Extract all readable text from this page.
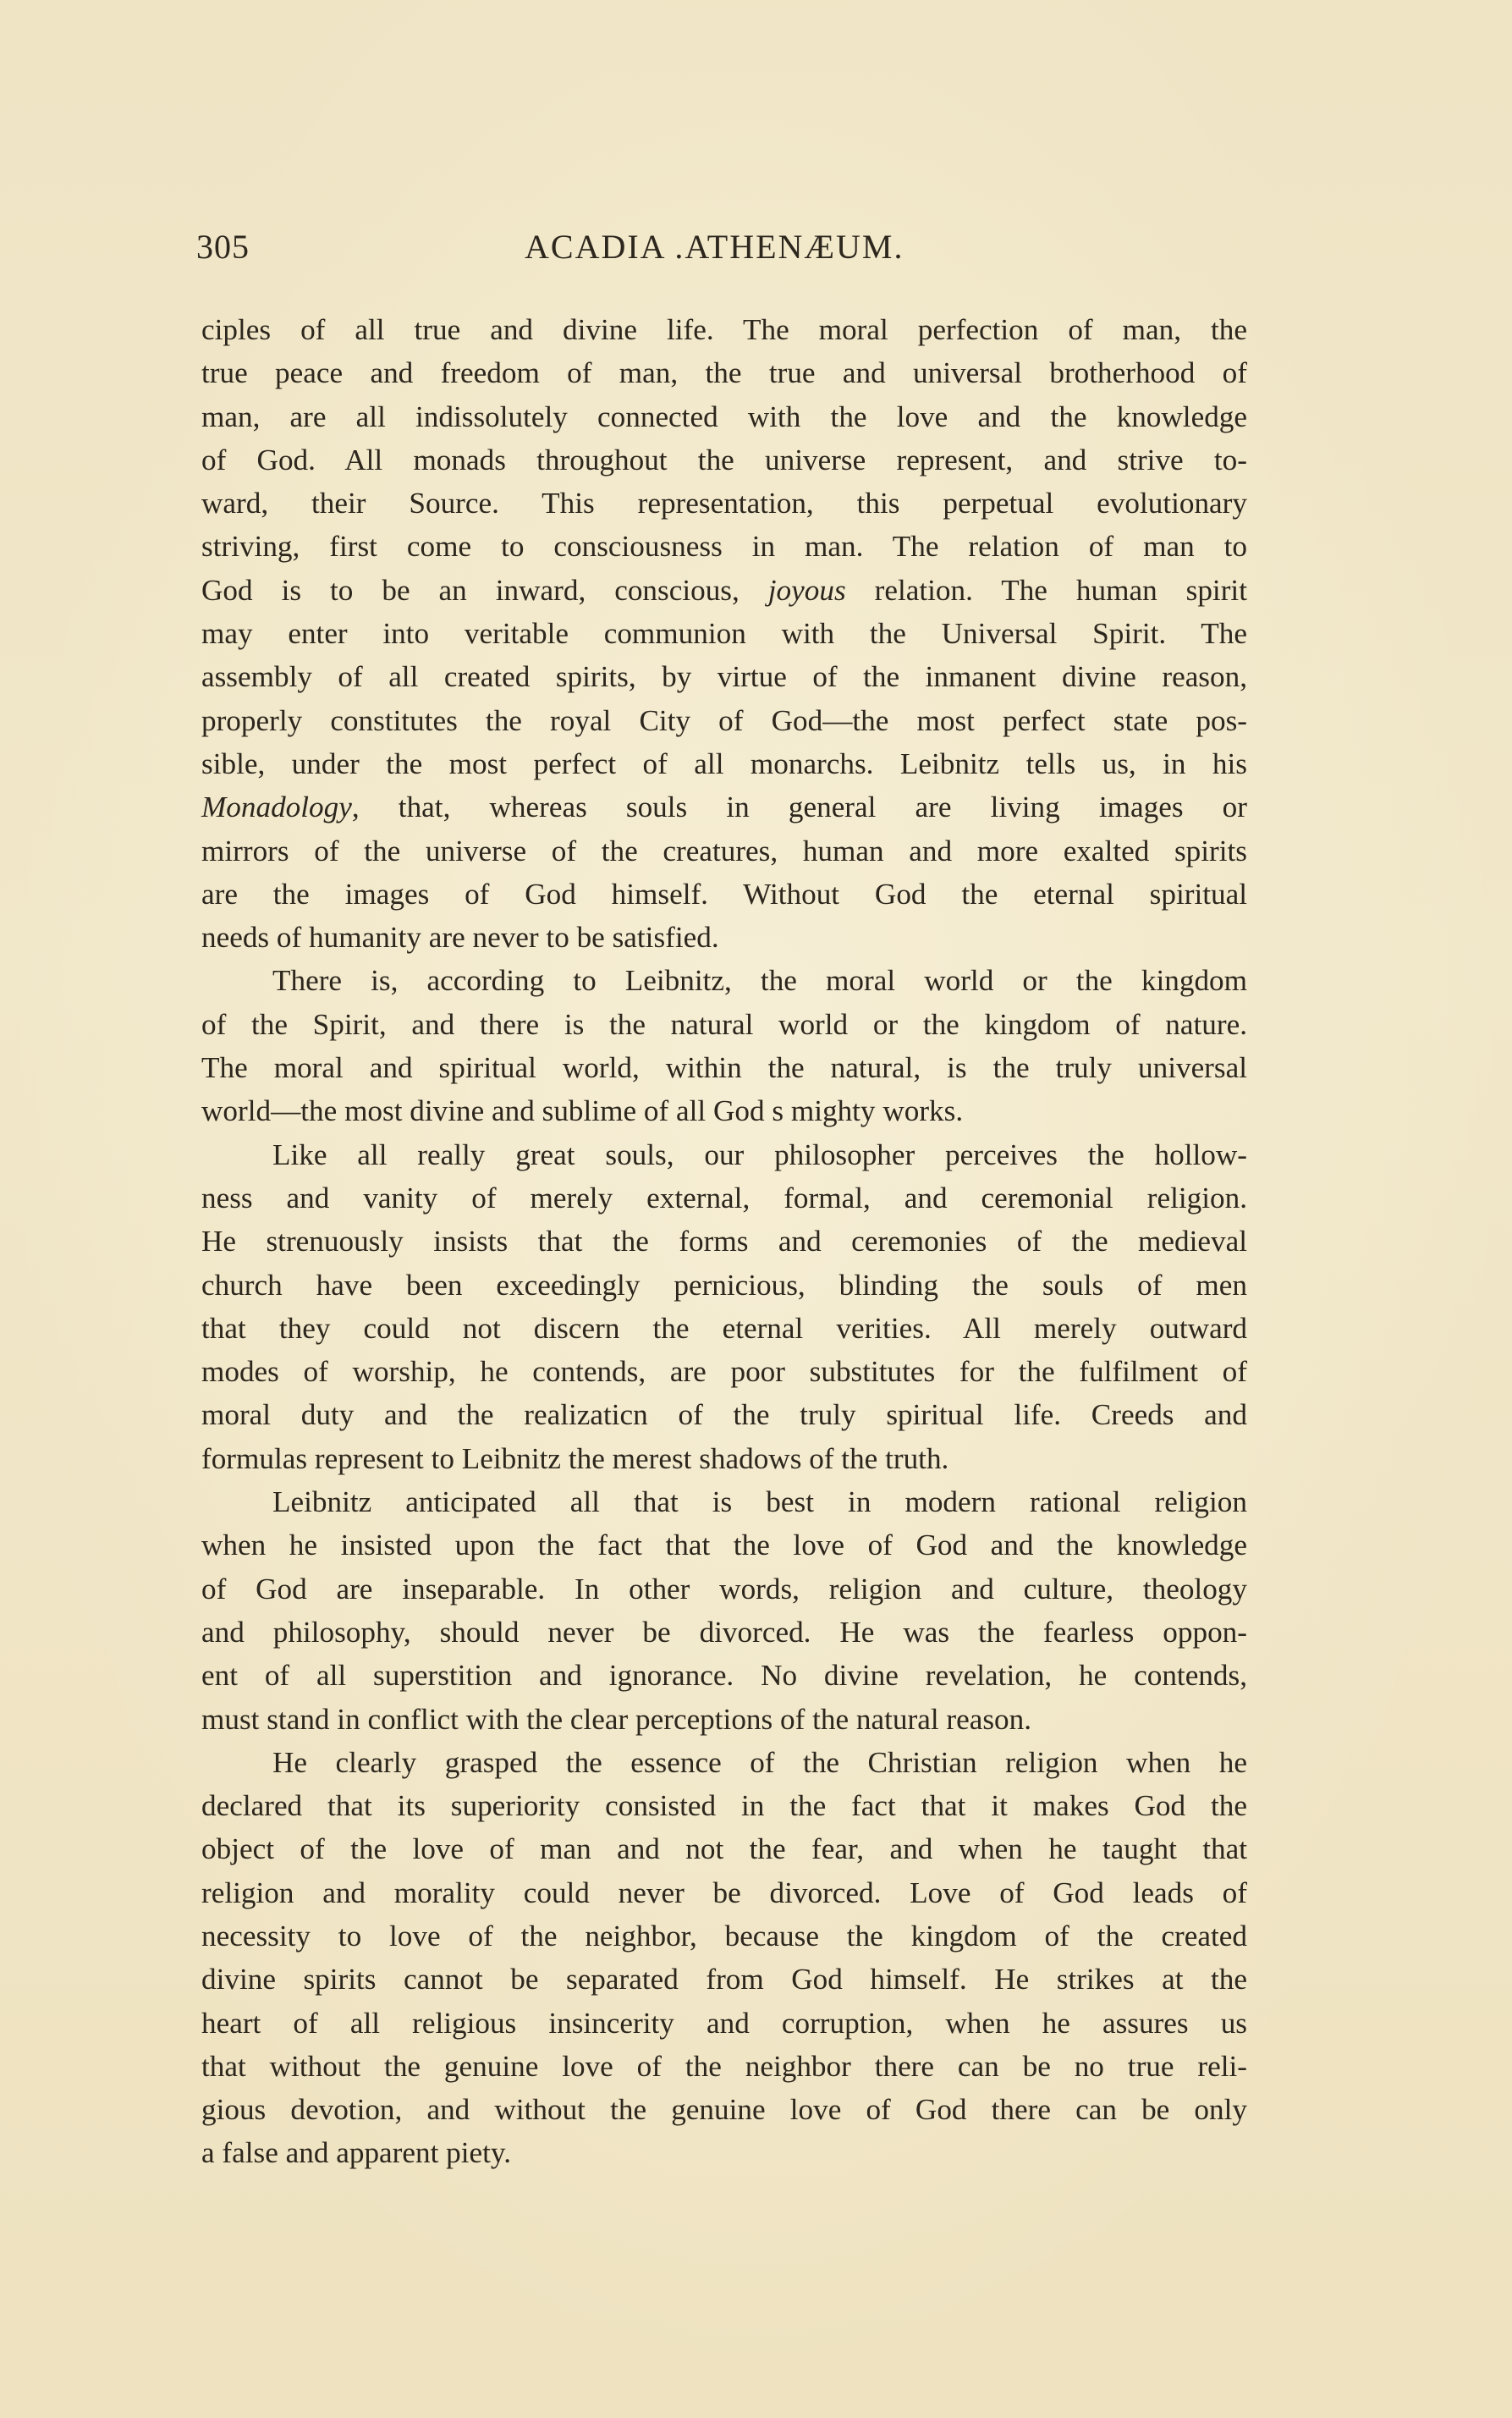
305	ACADIA .ATHENÆUM.
ciples of all true and divine life. The moral perfection of man, the
true peace and freedom of man, the true and universal brotherhood of
man, are all indissolutely connected with the love and the knowledge
of God. All monads throughout the universe represent, and strive to-
ward, their Source. This representation, this perpetual evolutionary
striving, first come to consciousness in man. The relation of man to
God is to be an inward, conscious, joyous relation. The human spirit
may enter into veritable communion with the Universal Spirit. The
assembly of all created spirits, by virtue of the inmanent divine reason,
properly constitutes the royal City of God—the most perfect state pos-
sible, under the most perfect of all monarchs. Leibnitz tells us, in his
Monadology, that, whereas souls in general are living images or
mirrors of the universe of the creatures, human and more exalted spirits
are the images of God himself. Without God the eternal spiritual
needs of humanity are never to be satisfied.
There is, according to Leibnitz, the moral world or the kingdom
of the Spirit, and there is the natural world or the kingdom of nature.
The moral and spiritual world, within the natural, is the truly universal
world—the most divine and sublime of all God s mighty works.
Like all really great souls, our philosopher perceives the hollow-
ness and vanity of merely external, formal, and ceremonial religion.
He strenuously insists that the forms and ceremonies of the medieval
church have been exceedingly pernicious, blinding the souls of men
that they could not discern the eternal verities. All merely outward
modes of worship, he contends, are poor substitutes for the fulfilment of
moral duty and the realizaticn of the truly spiritual life. Creeds and
formulas represent to Leibnitz the merest shadows of the truth.
Leibnitz anticipated all that is best in modern rational religion
when he insisted upon the fact that the love of God and the knowledge
of God are inseparable. In other words, religion and culture, theology
and philosophy, should never be divorced. He was the fearless oppon-
ent of all superstition and ignorance. No divine revelation, he contends,
must stand in conflict with the clear perceptions of the natural reason.
He clearly grasped the essence of the Christian religion when he
declared that its superiority consisted in the fact that it makes God the
object of the love of man and not the fear, and when he taught that
religion and morality could never be divorced. Love of God leads of
necessity to love of the neighbor, because the kingdom of the created
divine spirits cannot be separated from God himself. He strikes at the
heart of all religious insincerity and corruption, when he assures us
that without the genuine love of the neighbor there can be no true reli-
gious devotion, and without the genuine love of God there can be only
a false and apparent piety.
